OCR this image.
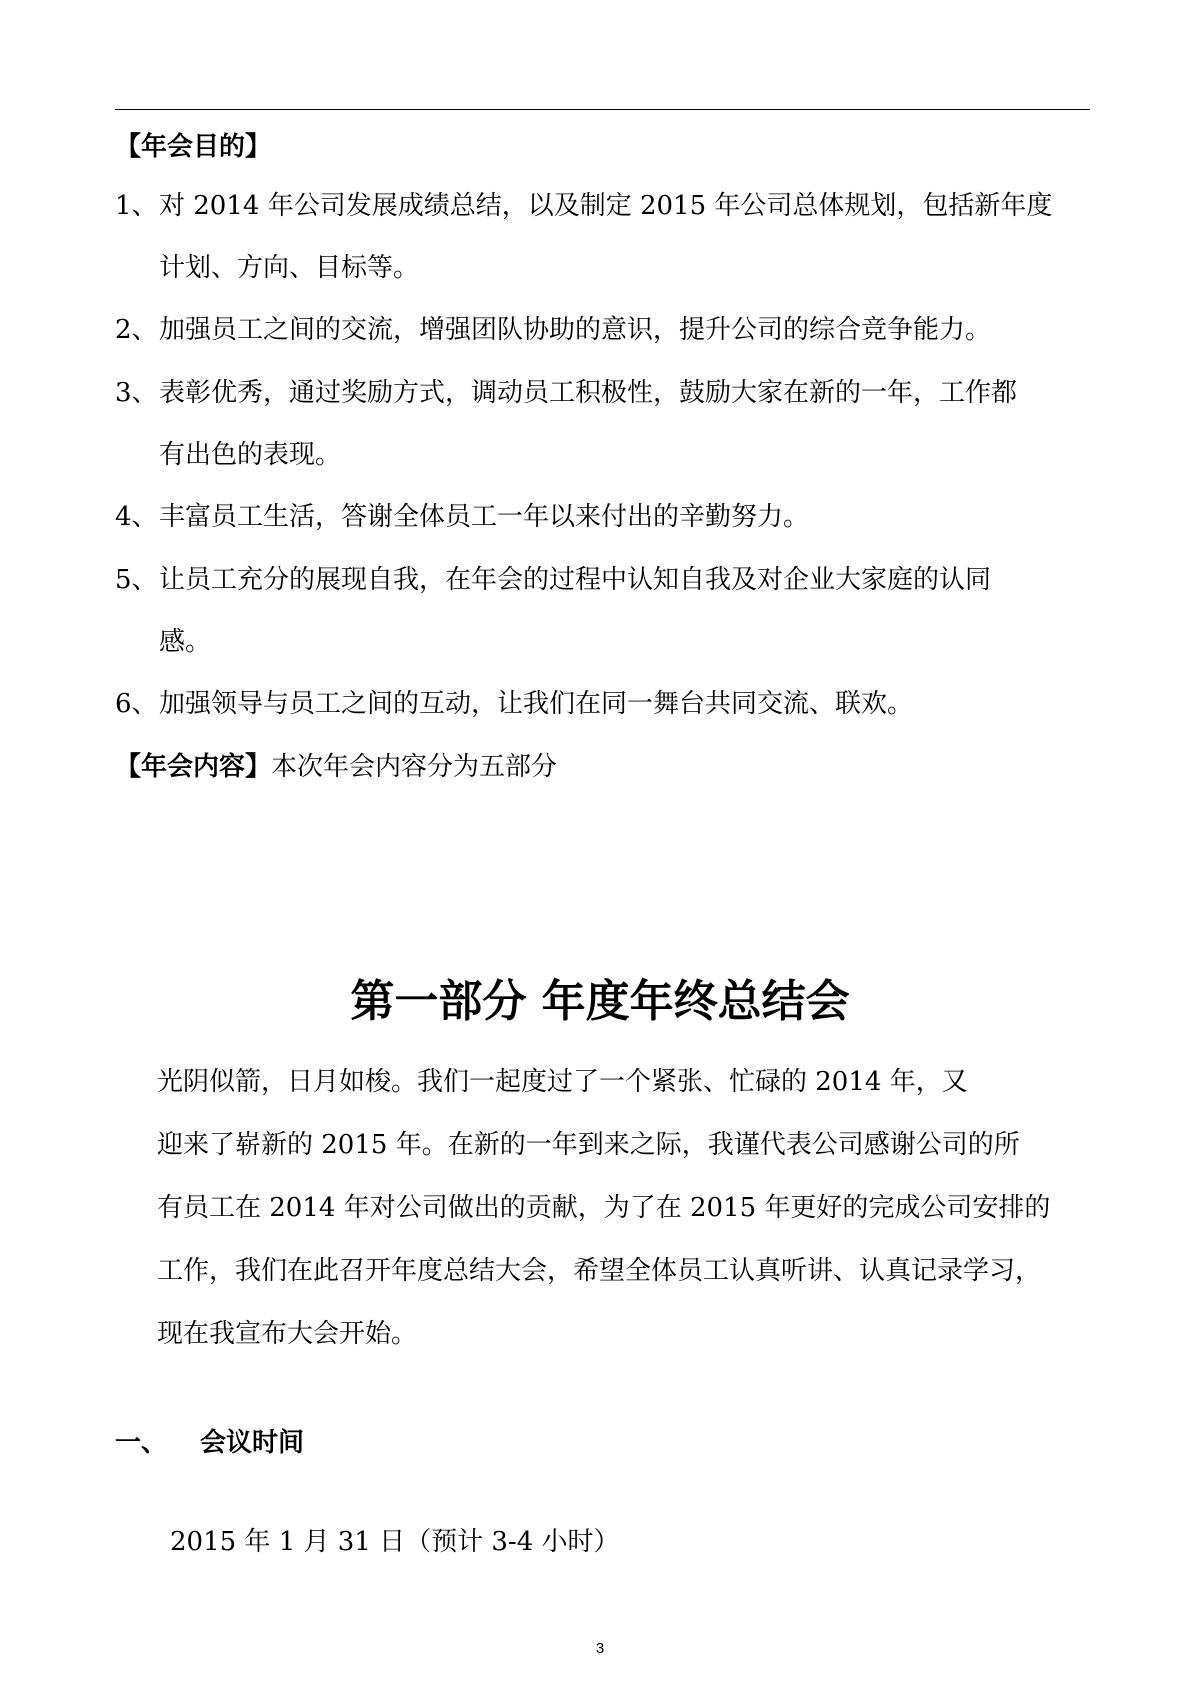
【年会目的】
1、 对 2014 年公司发展成绩总结，以及制定 2015 年公司总体规划，包括新年度
计划、方向、目标等。
2、 加强员工之间的交流，增强团队协助的意识，提升公司的综合竞争能力。
3、 表彰优秀，通过奖励方式，调动员工积极性，鼓励大家在新的一年，工作都
有出色的表现。
4、 丰富员工生活，答谢全体员工一年以来付出的辛勤努力。
5、 让员工充分的展现自我，在年会的过程中认知自我及对企业大家庭的认同
感。
6、 加强领导与员工之间的互动，让我们在同一舞台共同交流、联欢。
【年会内容】本次年会内容分为五部分
第一部分 年度年终总结会
光阴似箭，日月如梭。我们一起度过了一个紧张、忙碌的 2014 年，又
迎来了崭新的 2015 年。在新的一年到来之际，我谨代表公司感谢公司的所
有员工在 2014 年对公司做出的贡献，为了在 2015 年更好的完成公司安排的
工作，我们在此召开年度总结大会，希望全体员工认真听讲、认真记录学习，
现在我宣布大会开始。
一、 会议时间
2015 年 1 月 31 日（预计 3-4 小时）
3
